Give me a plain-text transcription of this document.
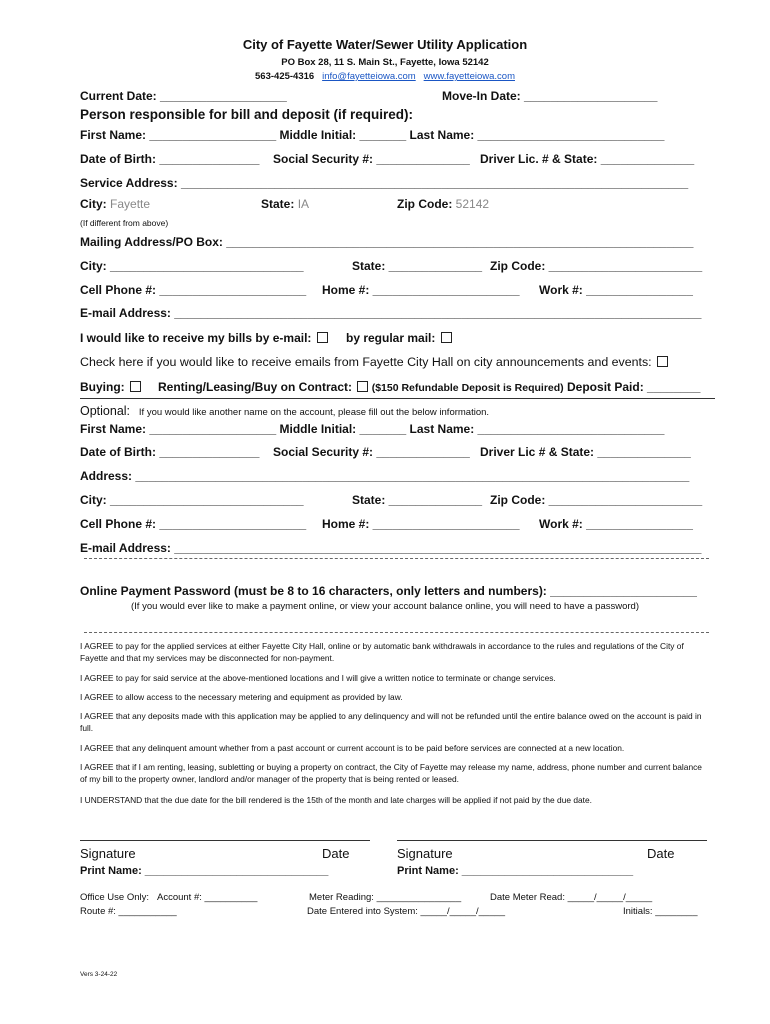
City of Fayette Water/Sewer Utility Application
PO Box 28, 11 S. Main St., Fayette, Iowa 52142
563-425-4316 info@fayetteiowa.com www.fayetteiowa.com
Current Date: ___________________	Move-In Date: ____________________
Person responsible for bill and deposit (if required):
First Name: ___________________ Middle Initial: _______ Last Name: ____________________________
Date of Birth: _______________ Social Security #: ______________ Driver Lic. # & State: ______________
Service Address: ____________________________________________________________________________
City: Fayette	State: IA	Zip Code: 52142
(If different from above)
Mailing Address/PO Box: ______________________________________________________________________
City: _____________________________	State: ______________ Zip Code: _______________________
Cell Phone #: ______________________ Home #: ______________________ Work #: ________________
E-mail Address: _______________________________________________________________________________
I would like to receive my bills by e-mail:	by regular mail:
Check here if you would like to receive emails from Fayette City Hall on city announcements and events:
Buying:	Renting/Leasing/Buy on Contract: ($150 Refundable Deposit is Required) Deposit Paid: ________
Optional: If you would like another name on the account, please fill out the below information.
First Name: ___________________ Middle Initial: _______ Last Name: ____________________________
Date of Birth: _______________ Social Security #: ______________ Driver Lic # & State: ______________
Address: ___________________________________________________________________________________
City: _____________________________	State: ______________ Zip Code: _______________________
Cell Phone #: ______________________ Home #: ______________________ Work #: ________________
E-mail Address: _______________________________________________________________________________
Online Payment Password (must be 8 to 16 characters, only letters and numbers): ______________________
(If you would ever like to make a payment online, or view your account balance online, you will need to have a password)
I AGREE to pay for the applied services at either Fayette City Hall, online or by automatic bank withdrawals in accordance to the rules and regulations of the City of Fayette and that my services may be disconnected for non-payment.
I AGREE to pay for said service at the above-mentioned locations and I will give a written notice to terminate or change services.
I AGREE to allow access to the necessary metering and equipment as provided by law.
I AGREE that any deposits made with this application may be applied to any delinquency and will not be refunded until the entire balance owed on the account is paid in full.
I AGREE that any delinquent amount whether from a past account or current account is to be paid before services are connected at a new location.
I AGREE that if I am renting, leasing, subletting or buying a property on contract, the City of Fayette may release my name, address, phone number and current balance of my bill to the property owner, landlord and/or manager of the property that is being rented or leased.
I UNDERSTAND that the due date for the bill rendered is the 15th of the month and late charges will be applied if not paid by the due date.
Signature	Date	Signature	Date
Print Name: ______________________________	Print Name: ____________________________
Office Use Only: Account #: __________	Meter Reading: ________________	Date Meter Read: _____/_____/_____
Route #: ___________	Date Entered into System: _____/_____/_____	Initials: ________
Vers 3-24-22
